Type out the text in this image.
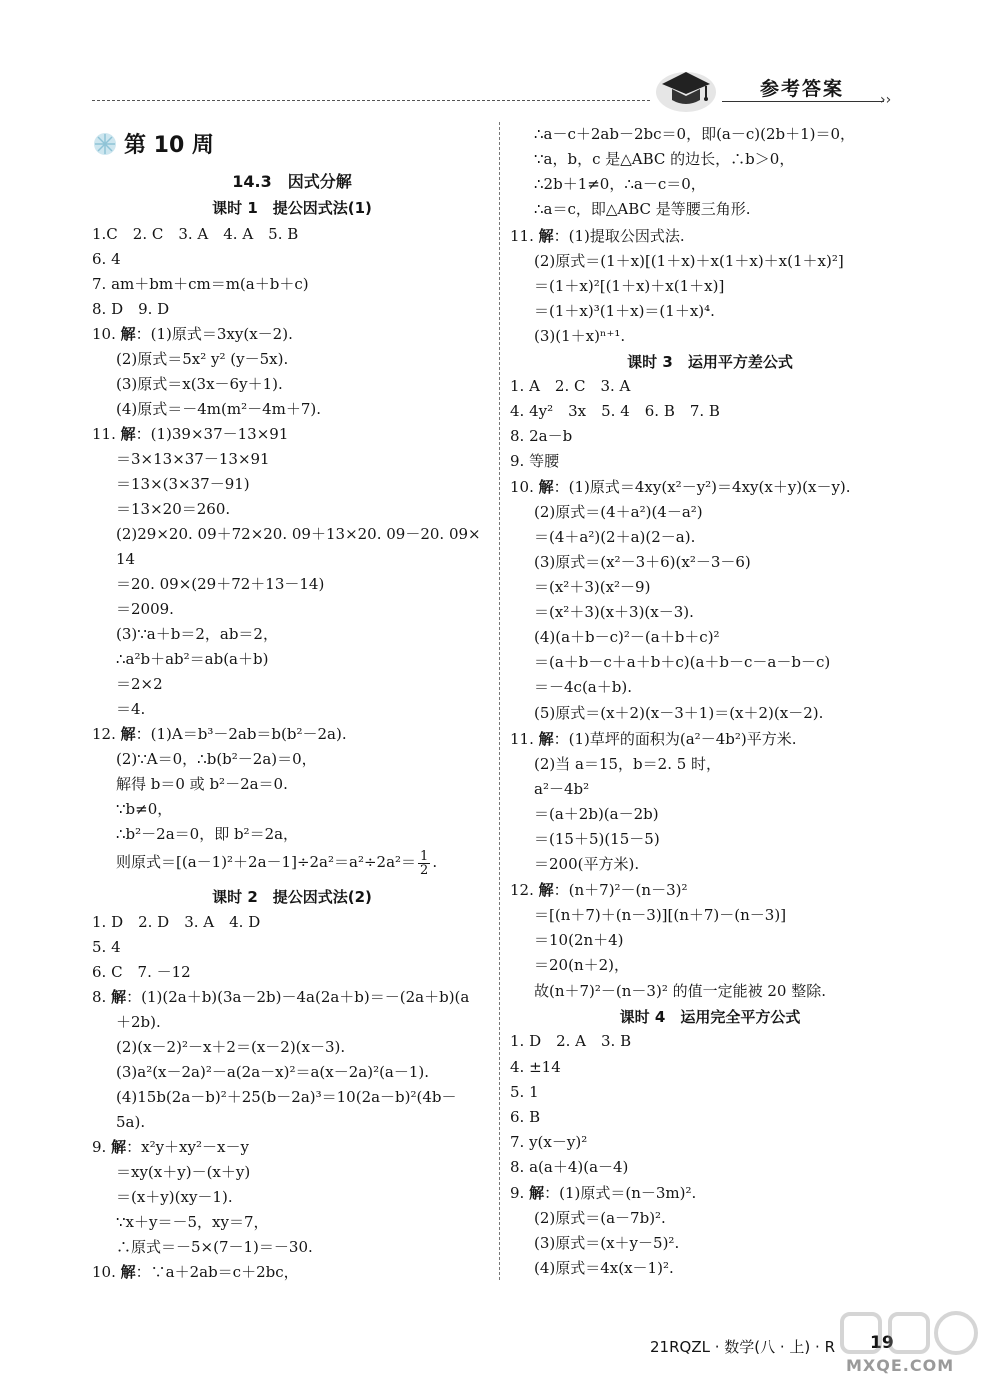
参考答案	››
第 10 周
14.3　因式分解
课时 1　提公因式法(1)
1.C　2. C　3. A　4. A　5. B
6. 4
7. am＋bm＋cm＝m(a＋b＋c)
8. D　9. D
10. 解：(1)原式＝3xy(x－2).
(2)原式＝5x² y² (y－5x).
(3)原式＝x(3x－6y＋1).
(4)原式＝－4m(m²－4m＋7).
11. 解：(1)39×37－13×91
＝3×13×37－13×91
＝13×(3×37－91)
＝13×20＝260.
(2)29×20. 09＋72×20. 09＋13×20. 09－20. 09×
14
＝20. 09×(29＋72＋13－14)
＝2009.
(3)∵a＋b＝2，ab＝2，
∴a²b＋ab²＝ab(a＋b)
＝2×2
＝4.
12. 解：(1)A＝b³－2ab＝b(b²－2a).
(2)∵A＝0，∴b(b²－2a)＝0，
解得 b＝0 或 b²－2a＝0.
∵b≠0，
∴b²－2a＝0，即 b²＝2a，
则原式$=[(a-1)^2+2a-1]\div 2a^2=a^2\div 2a^2= \frac{1}{2}$ .
课时 2　提公因式法(2)
1. D　2. D　3. A　4. D
5. 4
6. C　7. －12
8. 解：(1)(2a＋b)(3a－2b)－4a(2a＋b)＝－(2a＋b)(a
＋2b).
(2)(x－2)²－x＋2＝(x－2)(x－3).
(3)a²(x－2a)²－a(2a－x)²＝a(x－2a)²(a－1).
(4)15b(2a－b)²＋25(b－2a)³＝10(2a－b)²(4b－
5a).
9. 解：x²y＋xy²－x－y
＝xy(x＋y)－(x＋y)
＝(x＋y)(xy－1).
∵x＋y＝－5，xy＝7，
∴原式＝－5×(7－1)＝－30.
10. 解：∵a＋2ab＝c＋2bc，
∴a－c＋2ab－2bc＝0，即(a－c)(2b＋1)＝0，
∵a，b，c 是△ABC 的边长，∴b＞0，
∴2b＋1≠0，∴a－c＝0，
∴a＝c，即△ABC 是等腰三角形.
11. 解：(1)提取公因式法.
(2)原式＝(1＋x)[(1＋x)＋x(1＋x)＋x(1＋x)²]
＝(1＋x)²[(1＋x)＋x(1＋x)]
＝(1＋x)³(1＋x)＝(1＋x)⁴.
(3)(1＋x)ⁿ⁺¹.
课时 3　运用平方差公式
1. A　2. C　3. A
4. 4y²　3x　5. 4　6. B　7. B
8. 2a－b
9. 等腰
10. 解：(1)原式＝4xy(x²－y²)＝4xy(x＋y)(x－y).
(2)原式＝(4＋a²)(4－a²)
＝(4＋a²)(2＋a)(2－a).
(3)原式＝(x²－3＋6)(x²－3－6)
＝(x²＋3)(x²－9)
＝(x²＋3)(x＋3)(x－3).
(4)(a＋b－c)²－(a＋b＋c)²
＝(a＋b－c＋a＋b＋c)(a＋b－c－a－b－c)
＝－4c(a＋b).
(5)原式＝(x＋2)(x－3＋1)＝(x＋2)(x－2).
11. 解：(1)草坪的面积为(a²－4b²)平方米.
(2)当 a＝15，b＝2. 5 时，
a²－4b²
＝(a＋2b)(a－2b)
＝(15＋5)(15－5)
＝200(平方米).
12. 解：(n＋7)²－(n－3)²
＝[(n＋7)＋(n－3)][(n＋7)－(n－3)]
＝10(2n＋4)
＝20(n＋2)，
故(n＋7)²－(n－3)² 的值一定能被 20 整除.
课时 4　运用完全平方公式
1. D　2. A　3. B
4. ±14
5. 1
6. B
7. y(x－y)²
8. a(a＋4)(a－4)
9. 解：(1)原式＝(n－3m)².
(2)原式＝(a－7b)².
(3)原式＝(x＋y－5)².
(4)原式＝4x(x－1)².
21RQZL · 数学(八 · 上) · R 19
MXQE.COM
